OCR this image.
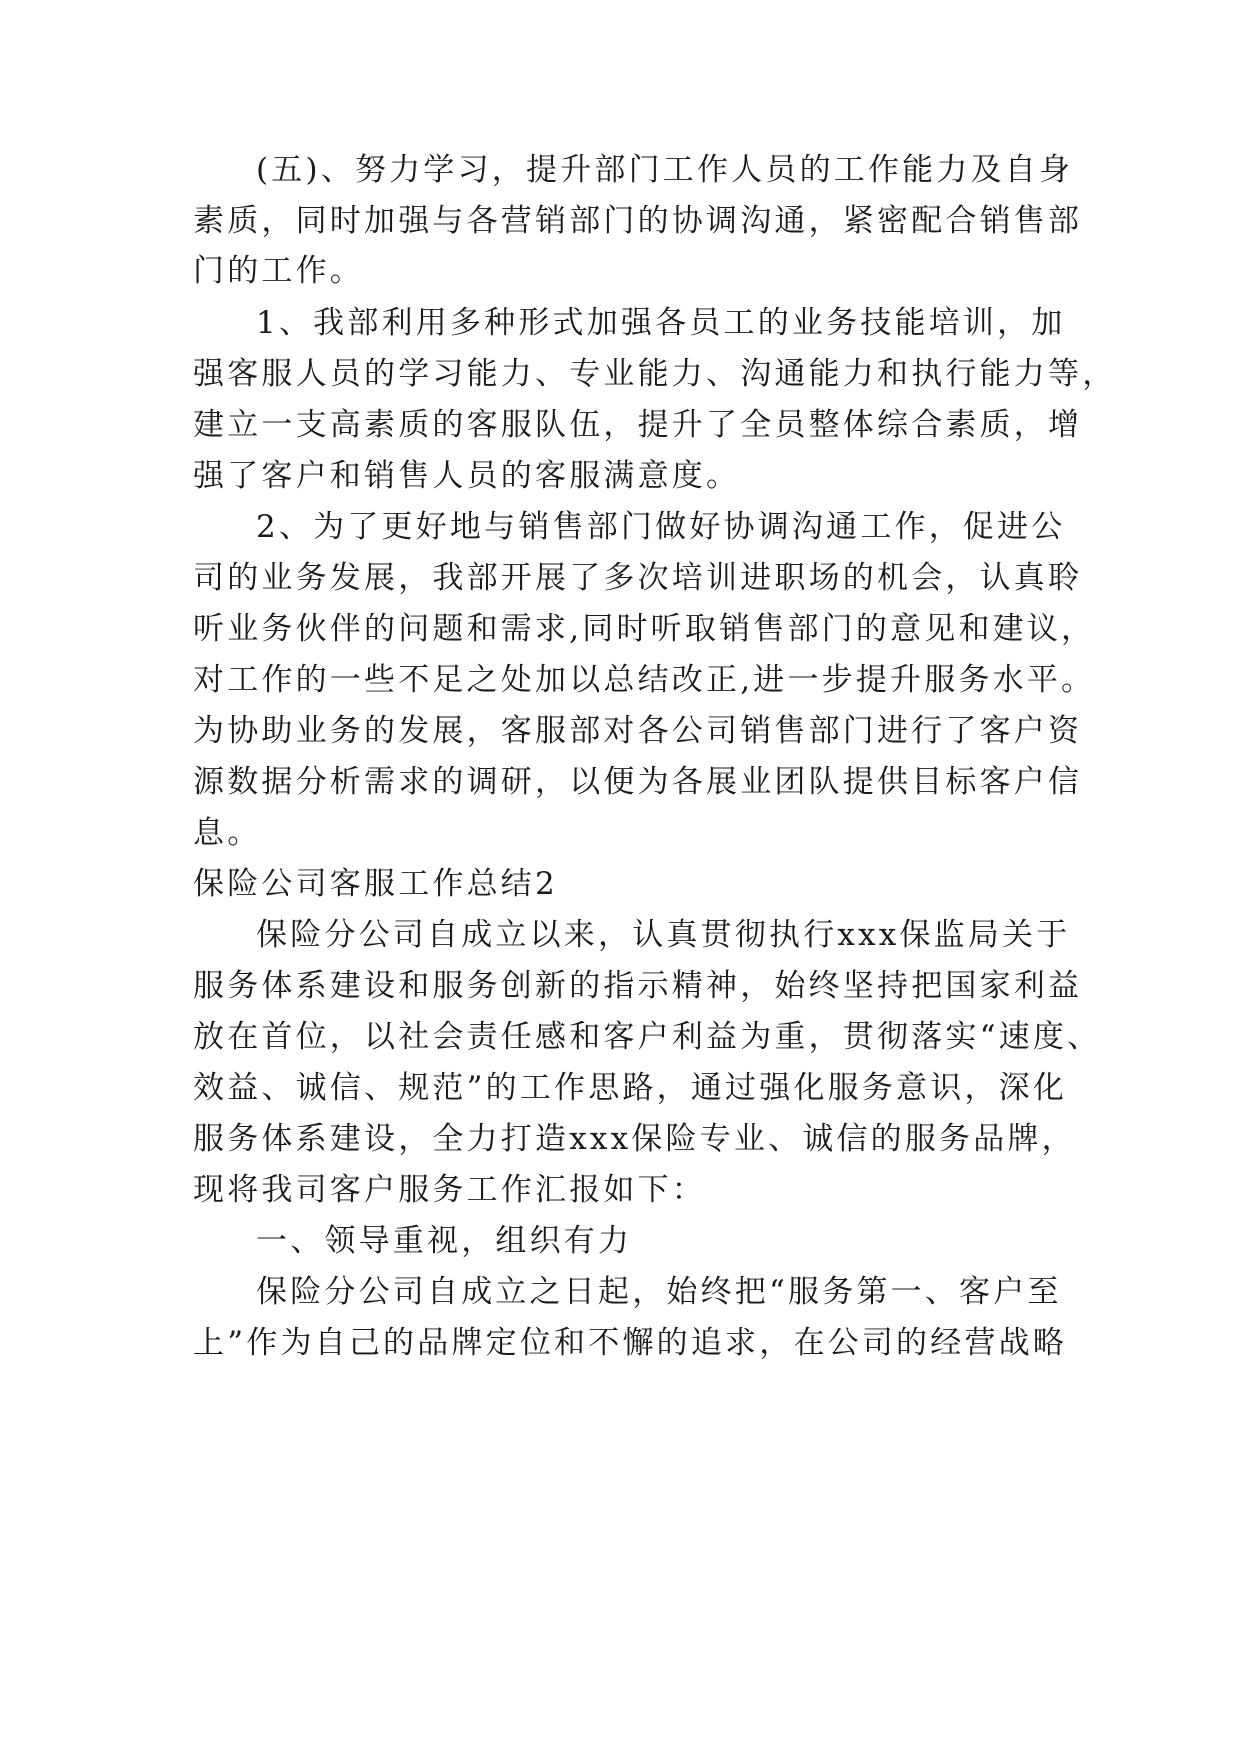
(五)、努力学习，提升部门工作人员的工作能力及自身
素质，同时加强与各营销部门的协调沟通，紧密配合销售部
门的工作。
1、我部利用多种形式加强各员工的业务技能培训，加
强客服人员的学习能力、专业能力、沟通能力和执行能力等，
建立一支高素质的客服队伍，提升了全员整体综合素质，增
强了客户和销售人员的客服满意度。
2、为了更好地与销售部门做好协调沟通工作，促进公
司的业务发展，我部开展了多次培训进职场的机会，认真聆
听业务伙伴的问题和需求,同时听取销售部门的意见和建议，
对工作的一些不足之处加以总结改正,进一步提升服务水平。
为协助业务的发展，客服部对各公司销售部门进行了客户资
源数据分析需求的调研，以便为各展业团队提供目标客户信
息。
保险公司客服工作总结2
保险分公司自成立以来，认真贯彻执行xxx保监局关于
服务体系建设和服务创新的指示精神，始终坚持把国家利益
放在首位，以社会责任感和客户利益为重，贯彻落实“速度、
效益、诚信、规范”的工作思路，通过强化服务意识，深化
服务体系建设，全力打造xxx保险专业、诚信的服务品牌，
现将我司客户服务工作汇报如下：
一、领导重视，组织有力
保险分公司自成立之日起，始终把“服务第一、客户至
上”作为自己的品牌定位和不懈的追求，在公司的经营战略
